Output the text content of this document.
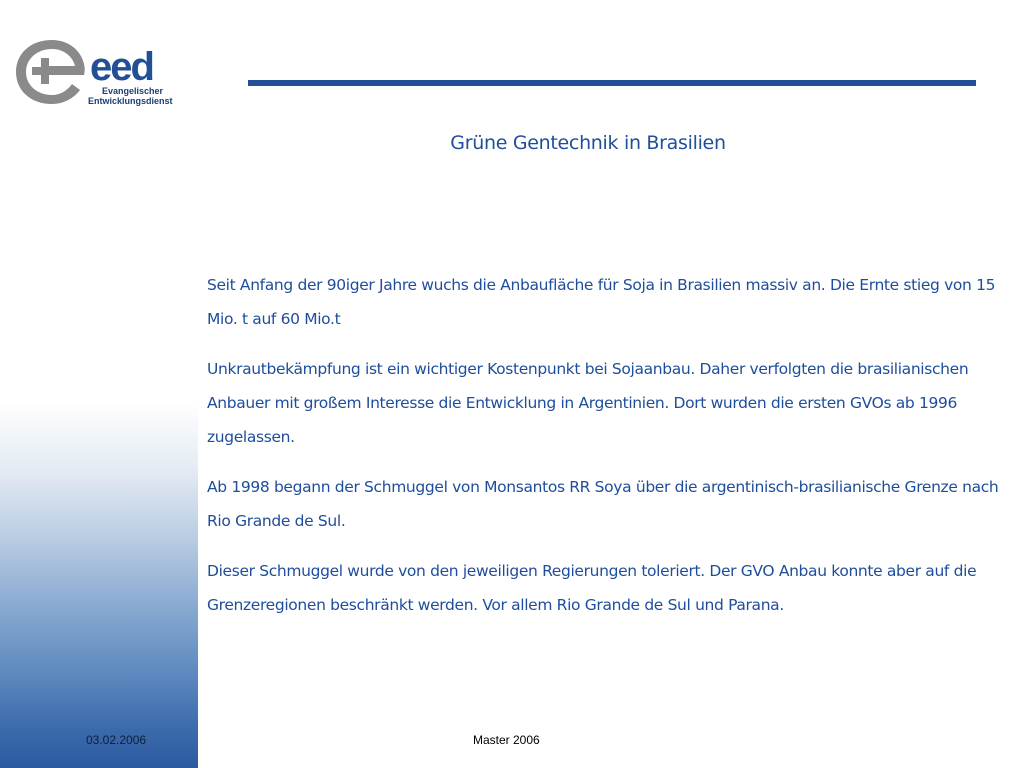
eed
Evangelischer
Entwicklungsdienst
Grüne Gentechnik in Brasilien

Seit Anfang der 90iger Jahre wuchs die Anbaufläche für Soja in Brasilien massiv an. Die Ernte stieg von 15 Mio. t auf 60 Mio.t

Unkrautbekämpfung ist ein wichtiger Kostenpunkt bei Sojaanbau. Daher verfolgten die brasilianischen Anbauer mit großem Interesse die Entwicklung in Argentinien. Dort wurden die ersten GVOs ab 1996 zugelassen.

Ab 1998 begann der Schmuggel von Monsantos RR Soya über die argentinisch-brasilianische Grenze nach Rio Grande de Sul.

Dieser Schmuggel wurde von den jeweiligen Regierungen toleriert. Der GVO Anbau konnte aber auf die Grenzeregionen beschränkt werden. Vor allem Rio Grande de Sul und Parana.

03.02.2006	Master 2006
